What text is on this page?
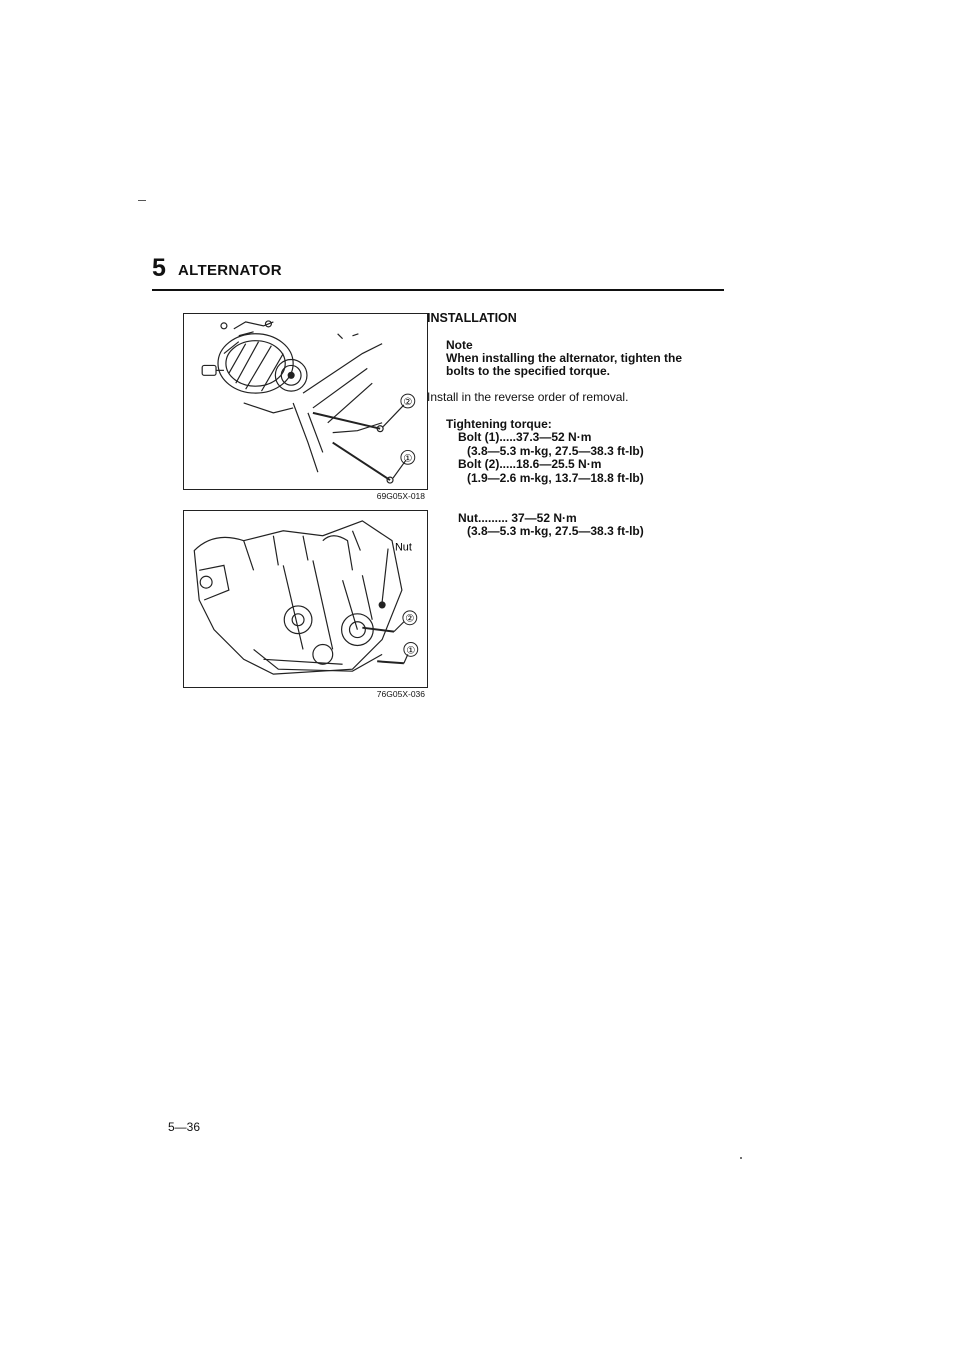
5 ALTERNATOR
②
①
69G05X-018
Nut
②
①
76G05X-036
INSTALLATION
Note
When installing the alternator, tighten the
bolts to the specified torque.
Install in the reverse order of removal.
Tightening torque:
Bolt (1).....37.3—52 N·m
(3.8—5.3 m-kg, 27.5—38.3 ft-lb)
Bolt (2).....18.6—25.5 N·m
(1.9—2.6 m-kg, 13.7—18.8 ft-lb)
Nut......... 37—52 N·m
(3.8—5.3 m-kg, 27.5—38.3 ft-lb)
5—36
